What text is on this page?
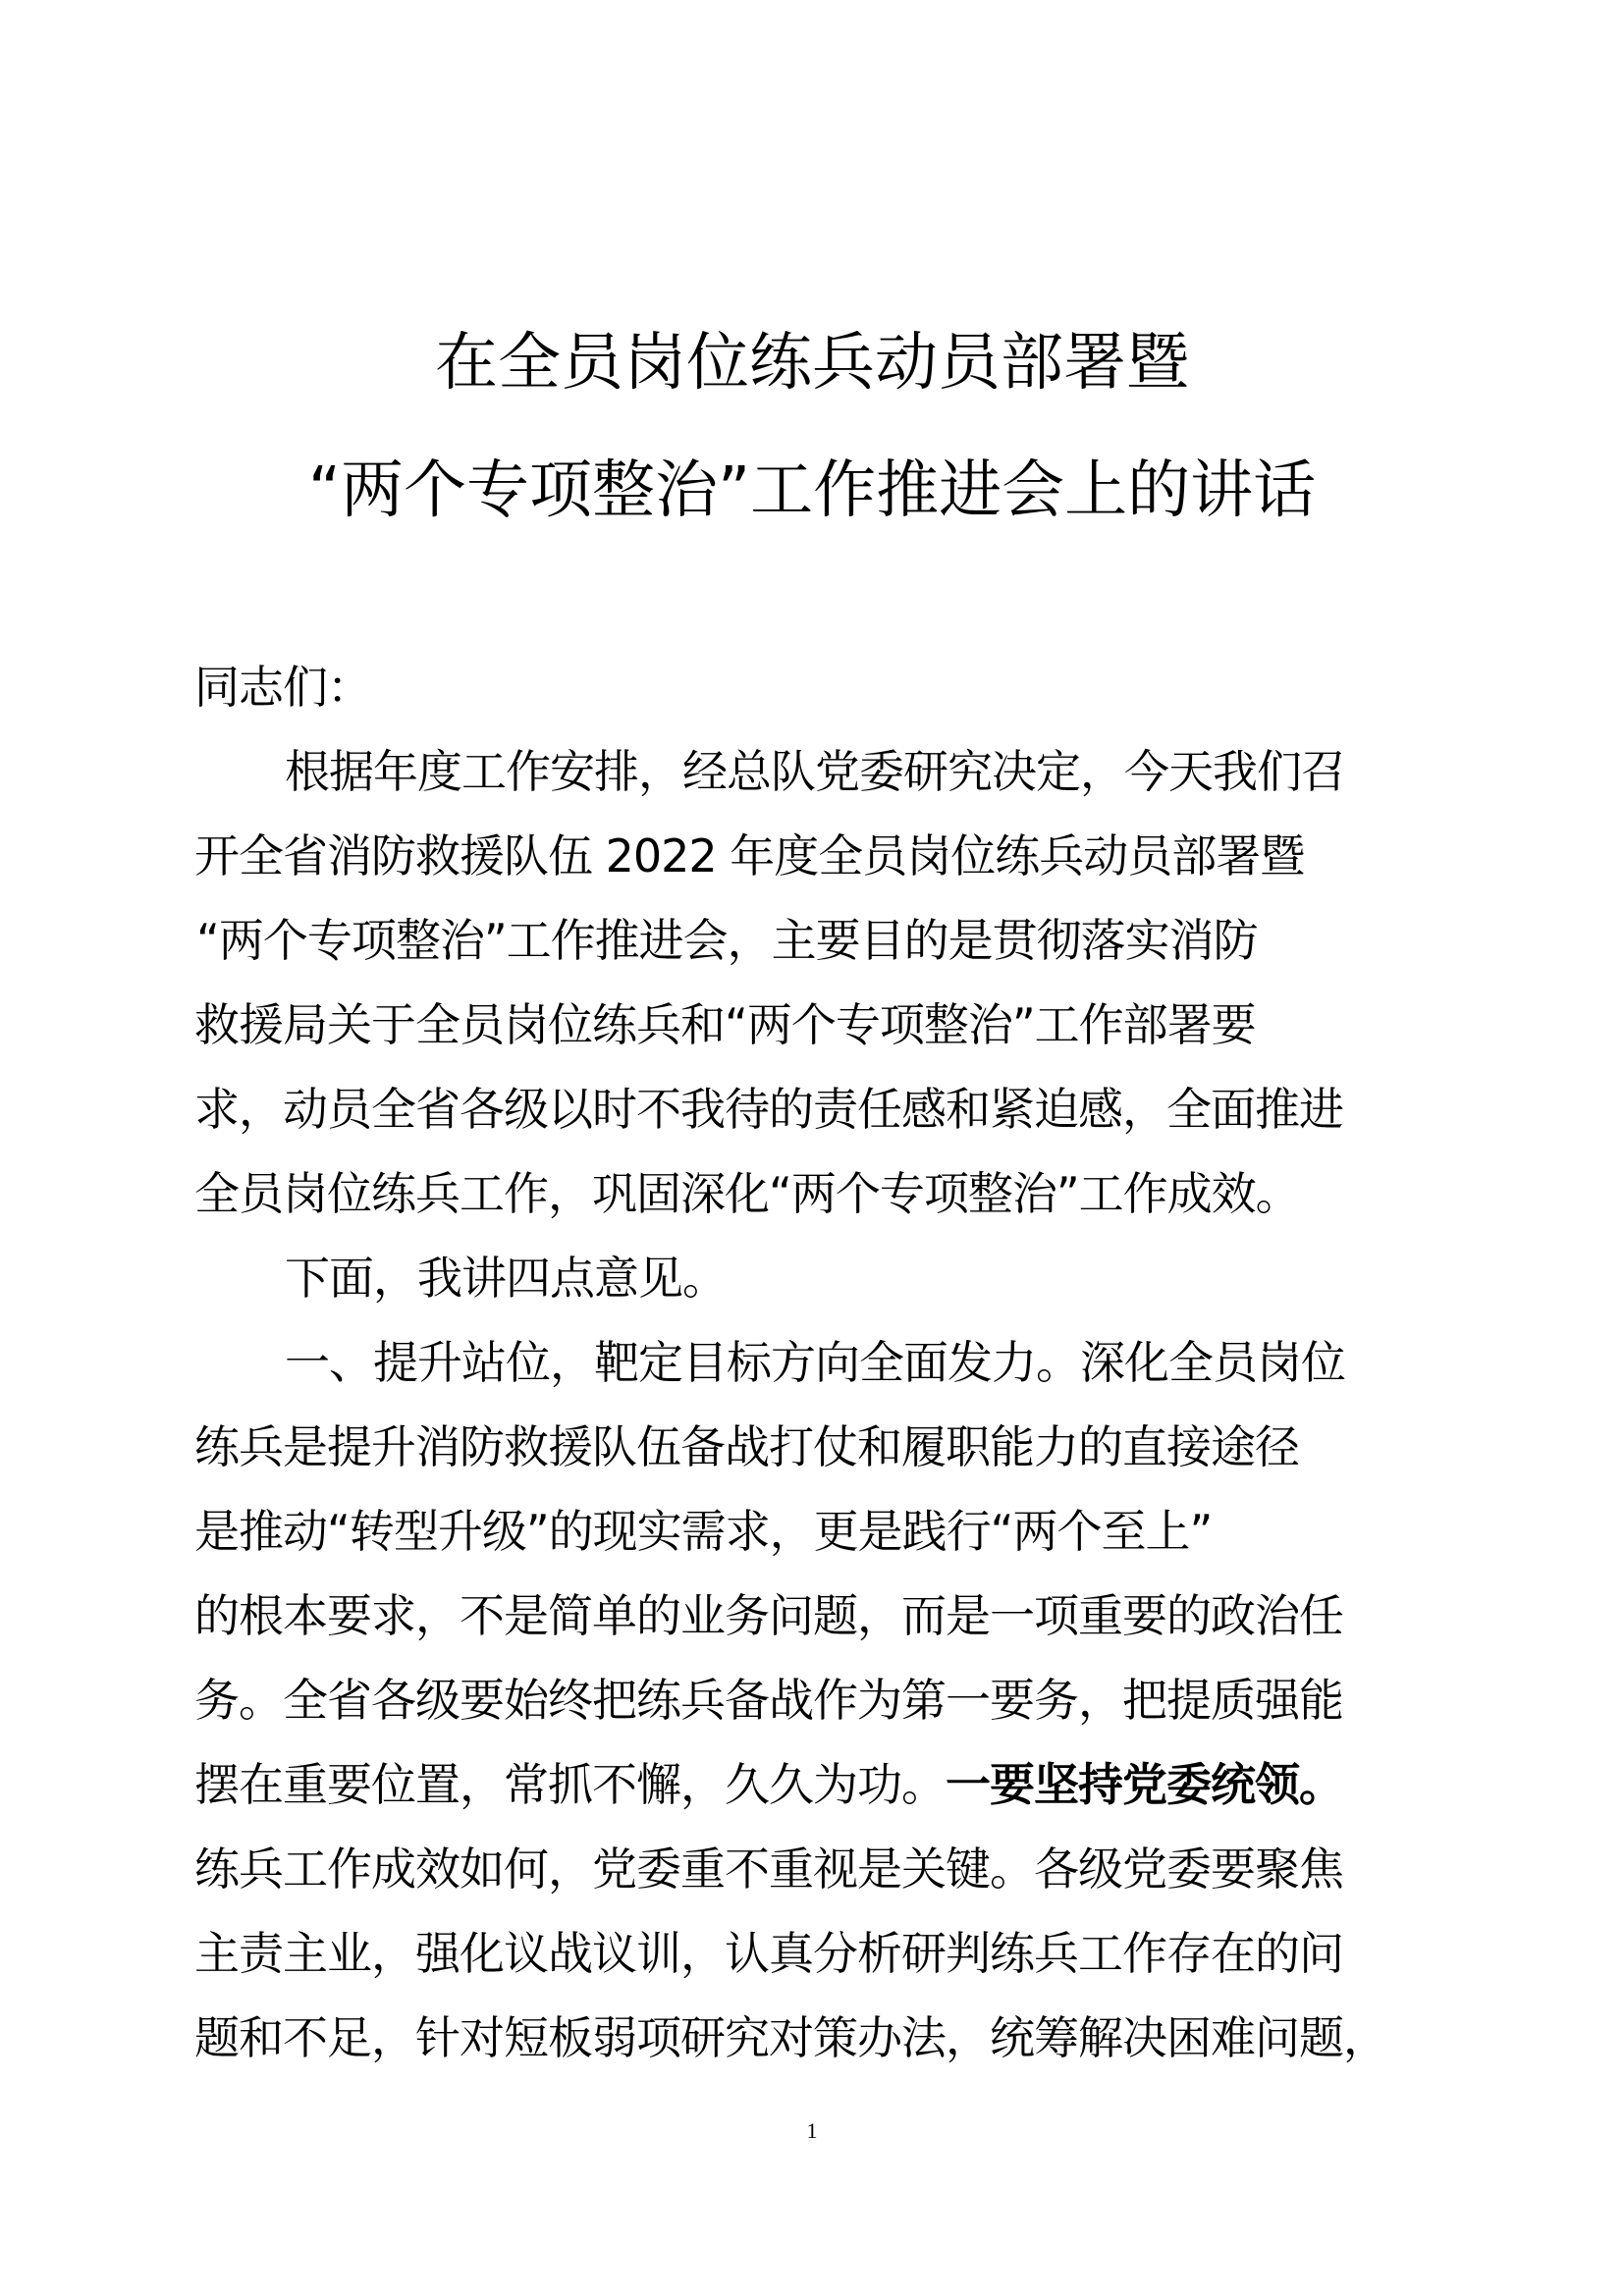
在全员岗位练兵动员部署暨
“两个专项整治”工作推进会上的讲话
同志们：
根据年度工作安排，经总队党委研究决定，今天我们召
开全省消防救援队伍 2022 年度全员岗位练兵动员部署暨
“两个专项整治”工作推进会，主要目的是贯彻落实消防
救援局关于全员岗位练兵和“两个专项整治”工作部署要
求，动员全省各级以时不我待的责任感和紧迫感，全面推进
全员岗位练兵工作，巩固深化“两个专项整治”工作成效。
下面，我讲四点意见。
一、提升站位，靶定目标方向全面发力。深化全员岗位
练兵是提升消防救援队伍备战打仗和履职能力的直接途径
是推动“转型升级”的现实需求，更是践行“两个至上”
的根本要求，不是简单的业务问题，而是一项重要的政治任
务。全省各级要始终把练兵备战作为第一要务，把提质强能
摆在重要位置，常抓不懈，久久为功。一要坚持党委统领。
练兵工作成效如何，党委重不重视是关键。各级党委要聚焦
主责主业，强化议战议训，认真分析研判练兵工作存在的问
题和不足，针对短板弱项研究对策办法，统筹解决困难问题，
1
